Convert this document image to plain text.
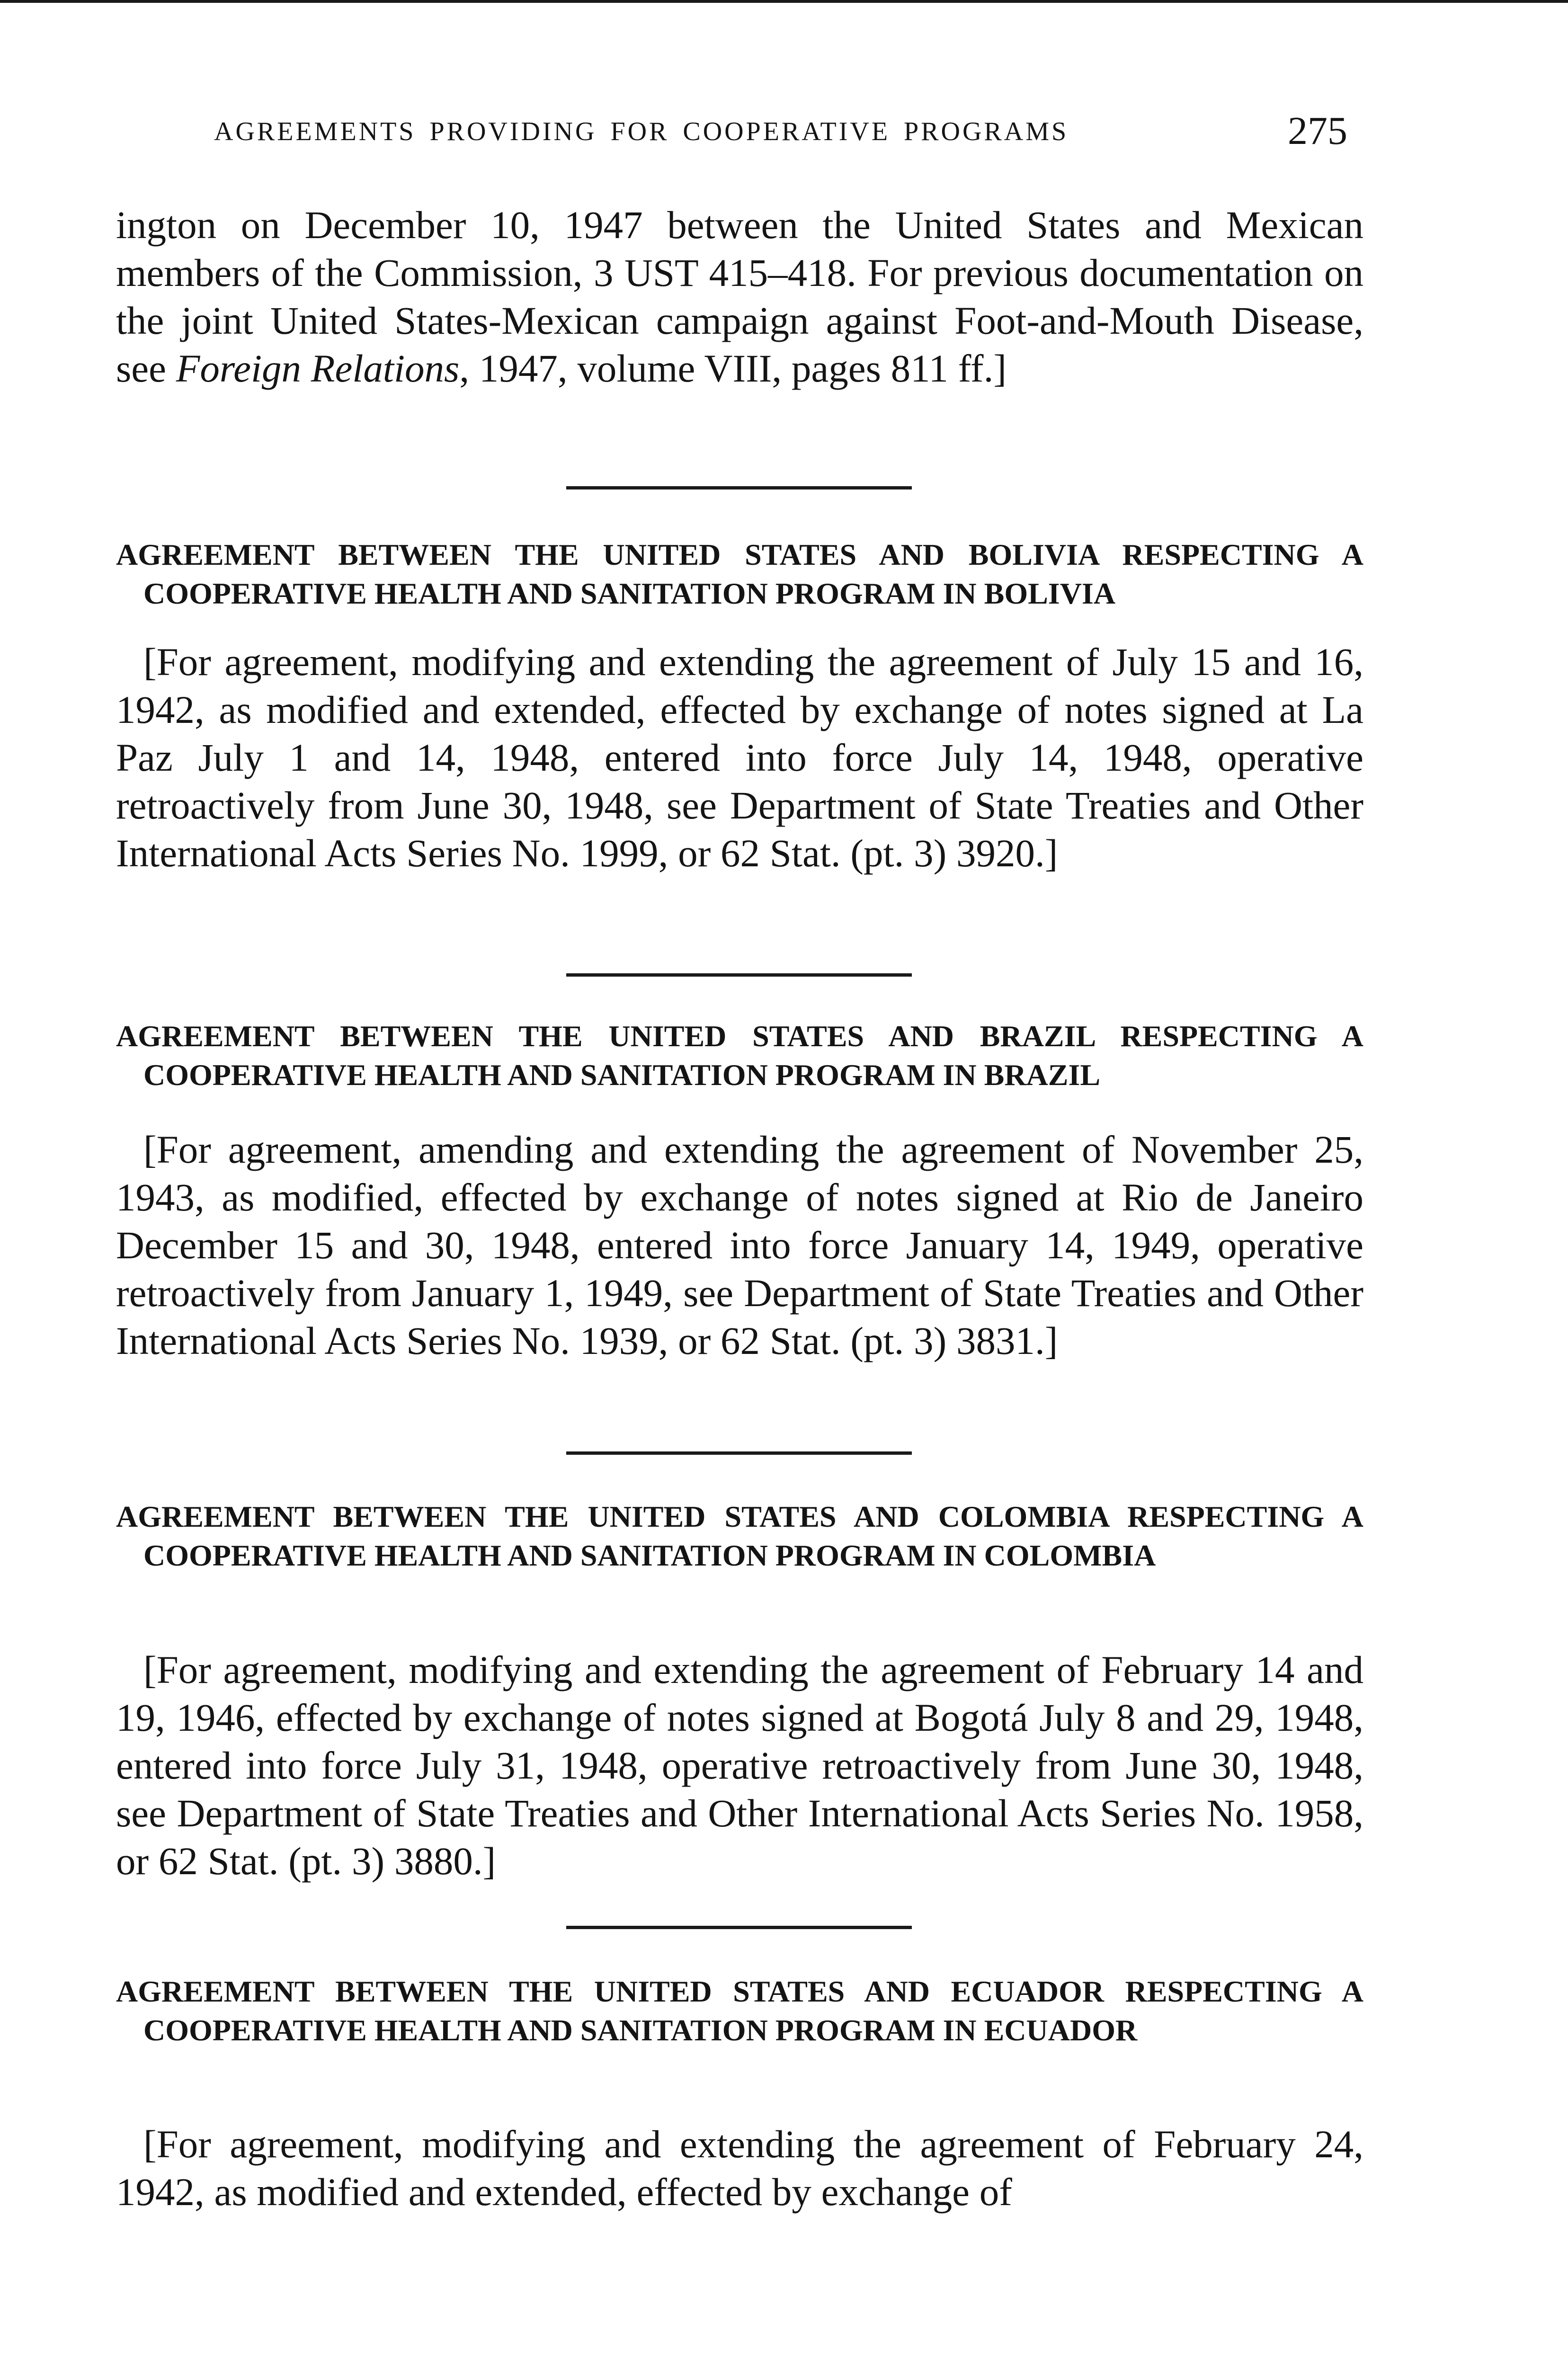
AGREEMENTS PROVIDING FOR COOPERATIVE PROGRAMS	275

ington on December 10, 1947 between the United States and Mexican members of the Commission, 3 UST 415–418. For previous documentation on the joint United States-Mexican campaign against Foot-and-Mouth Disease, see Foreign Relations, 1947, volume VIII, pages 811 ff.]

AGREEMENT BETWEEN THE UNITED STATES AND BOLIVIA RESPECTING A COOPERATIVE HEALTH AND SANITATION PROGRAM IN BOLIVIA

[For agreement, modifying and extending the agreement of July 15 and 16, 1942, as modified and extended, effected by exchange of notes signed at La Paz July 1 and 14, 1948, entered into force July 14, 1948, operative retroactively from June 30, 1948, see Department of State Treaties and Other International Acts Series No. 1999, or 62 Stat. (pt. 3) 3920.]

AGREEMENT BETWEEN THE UNITED STATES AND BRAZIL RESPECTING A COOPERATIVE HEALTH AND SANITATION PROGRAM IN BRAZIL

[For agreement, amending and extending the agreement of November 25, 1943, as modified, effected by exchange of notes signed at Rio de Janeiro December 15 and 30, 1948, entered into force January 14, 1949, operative retroactively from January 1, 1949, see Department of State Treaties and Other International Acts Series No. 1939, or 62 Stat. (pt. 3) 3831.]

AGREEMENT BETWEEN THE UNITED STATES AND COLOMBIA RESPECTING A COOPERATIVE HEALTH AND SANITATION PROGRAM IN COLOMBIA

[For agreement, modifying and extending the agreement of February 14 and 19, 1946, effected by exchange of notes signed at Bogotá July 8 and 29, 1948, entered into force July 31, 1948, operative retroactively from June 30, 1948, see Department of State Treaties and Other International Acts Series No. 1958, or 62 Stat. (pt. 3) 3880.]

AGREEMENT BETWEEN THE UNITED STATES AND ECUADOR RESPECTING A COOPERATIVE HEALTH AND SANITATION PROGRAM IN ECUADOR

[For agreement, modifying and extending the agreement of February 24, 1942, as modified and extended, effected by exchange of
